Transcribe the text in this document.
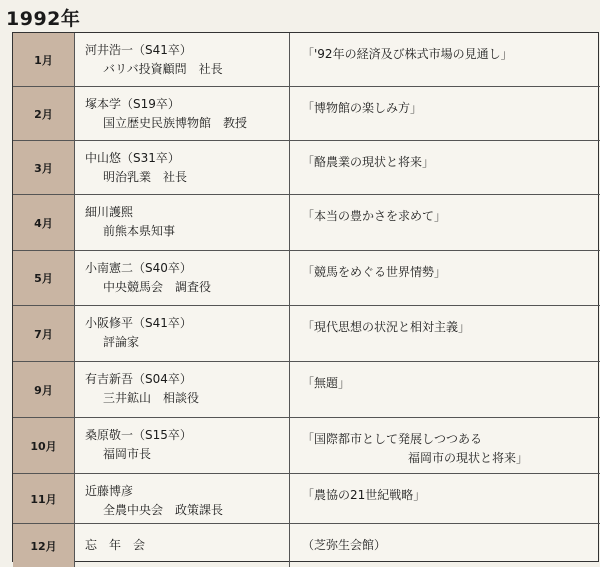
1992年
1月
河井浩一（S41卒）
バリバ投資顧問　社長
「'92年の経済及び株式市場の見通し」
2月
塚本学（S19卒）
国立歴史民族博物館　教授
「博物館の楽しみ方」
3月
中山悠（S31卒）
明治乳業　社長
「酪農業の現状と将来」
4月
細川護熙
前熊本県知事
「本当の豊かさを求めて」
5月
小南憲二（S40卒）
中央競馬会　調査役
「競馬をめぐる世界情勢」
7月
小阪修平（S41卒）
評論家
「現代思想の状況と相対主義」
9月
有吉新吾（S04卒）
三井鉱山　相談役
「無題」
10月
桑原敬一（S15卒）
福岡市長
「国際都市として発展しつつある
福岡市の現状と将来」
11月
近藤博彦
全農中央会　政策課長
「農協の21世紀戦略」
12月	忘　年　会	（芝弥生会館）
